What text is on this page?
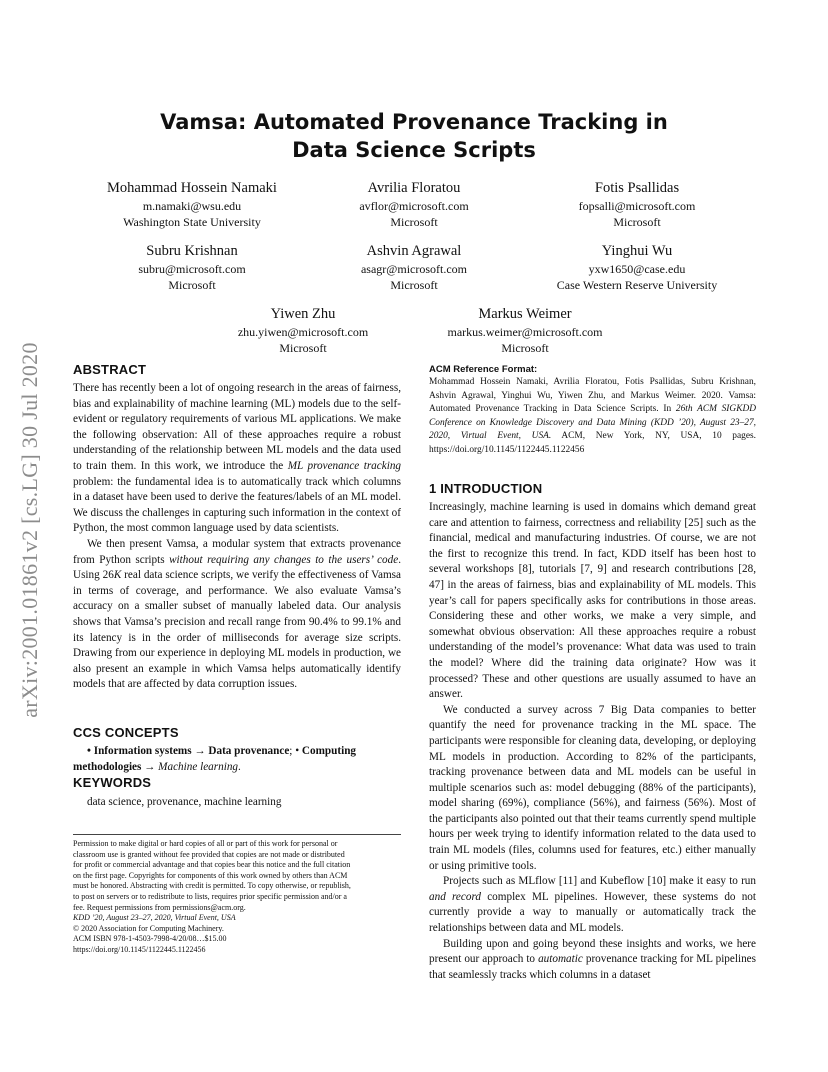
arXiv:2001.01861v2 [cs.LG] 30 Jul 2020
Vamsa: Automated Provenance Tracking in
Data Science Scripts
Mohammad Hossein Namaki
m.namaki@wsu.edu
Washington State University
Avrilia Floratou
avflor@microsoft.com
Microsoft
Fotis Psallidas
fopsalli@microsoft.com
Microsoft
Subru Krishnan
subru@microsoft.com
Microsoft
Ashvin Agrawal
asagr@microsoft.com
Microsoft
Yinghui Wu
yxw1650@case.edu
Case Western Reserve University
Yiwen Zhu
zhu.yiwen@microsoft.com
Microsoft
Markus Weimer
markus.weimer@microsoft.com
Microsoft
ABSTRACT

There has recently been a lot of ongoing research in the areas of fairness, bias and explainability of machine learning (ML) models due to the self-evident or regulatory requirements of various ML applications. We make the following observation: All of these approaches require a robust understanding of the relationship between ML models and the data used to train them. In this work, we introduce the ML provenance tracking problem: the fundamental idea is to automatically track which columns in a dataset have been used to derive the features/labels of an ML model. We discuss the challenges in capturing such information in the context of Python, the most common language used by data scientists.

We then present Vamsa, a modular system that extracts provenance from Python scripts without requiring any changes to the users’ code. Using 26K real data science scripts, we verify the effectiveness of Vamsa in terms of coverage, and performance. We also evaluate Vamsa’s accuracy on a smaller subset of manually labeled data. Our analysis shows that Vamsa’s precision and recall range from 90.4% to 99.1% and its latency is in the order of milliseconds for average size scripts. Drawing from our experience in deploying ML models in production, we also present an example in which Vamsa helps automatically identify models that are affected by data corruption issues.

CCS CONCEPTS
• Information systems → Data provenance; • Computing
methodologies → Machine learning.
KEYWORDS
data science, provenance, machine learning
Permission to make digital or hard copies of all or part of this work for personal or
classroom use is granted without fee provided that copies are not made or distributed
for profit or commercial advantage and that copies bear this notice and the full citation
on the first page. Copyrights for components of this work owned by others than ACM
must be honored. Abstracting with credit is permitted. To copy otherwise, or republish,
to post on servers or to redistribute to lists, requires prior specific permission and/or a
fee. Request permissions from permissions@acm.org.
KDD ’20, August 23–27, 2020, Virtual Event, USA
© 2020 Association for Computing Machinery.
ACM ISBN 978-1-4503-7998-4/20/08…$15.00
https://doi.org/10.1145/1122445.1122456
ACM Reference Format:
Mohammad Hossein Namaki, Avrilia Floratou, Fotis Psallidas, Subru Krishnan, Ashvin Agrawal, Yinghui Wu, Yiwen Zhu, and Markus Weimer. 2020. Vamsa: Automated Provenance Tracking in Data Science Scripts. In 26th ACM SIGKDD Conference on Knowledge Discovery and Data Mining (KDD ’20), August 23–27, 2020, Virtual Event, USA. ACM, New York, NY, USA, 10 pages. https://doi.org/10.1145/1122445.1122456
1 INTRODUCTION

Increasingly, machine learning is used in domains which demand great care and attention to fairness, correctness and reliability [25] such as the financial, medical and manufacturing industries. Of course, we are not the first to recognize this trend. In fact, KDD itself has been host to several workshops [8], tutorials [7, 9] and research contributions [28, 47] in the areas of fairness, bias and explainability of ML models. This year’s call for papers specifically asks for contributions in those areas. Considering these and other works, we make a very simple, and somewhat obvious observation: All these approaches require a robust understanding of the model’s provenance: What data was used to train the model? Where did the training data originate? How was it processed? These and other questions are usually assumed to have an answer.

We conducted a survey across 7 Big Data companies to better quantify the need for provenance tracking in the ML space. The participants were responsible for cleaning data, developing, or deploying ML models in production. According to 82% of the participants, tracking provenance between data and ML models can be useful in multiple scenarios such as: model debugging (88% of the participants), model sharing (69%), compliance (56%), and fairness (56%). Most of the participants also pointed out that their teams currently spend multiple hours per week trying to identify information related to the data used to train ML models (files, columns used for features, etc.) either manually or using primitive tools.

Projects such as MLflow [11] and Kubeflow [10] make it easy to run and record complex ML pipelines. However, these systems do not currently provide a way to manually or automatically track the relationships between data and ML models.

Building upon and going beyond these insights and works, we here present our approach to automatic provenance tracking for ML pipelines that seamlessly tracks which columns in a dataset
